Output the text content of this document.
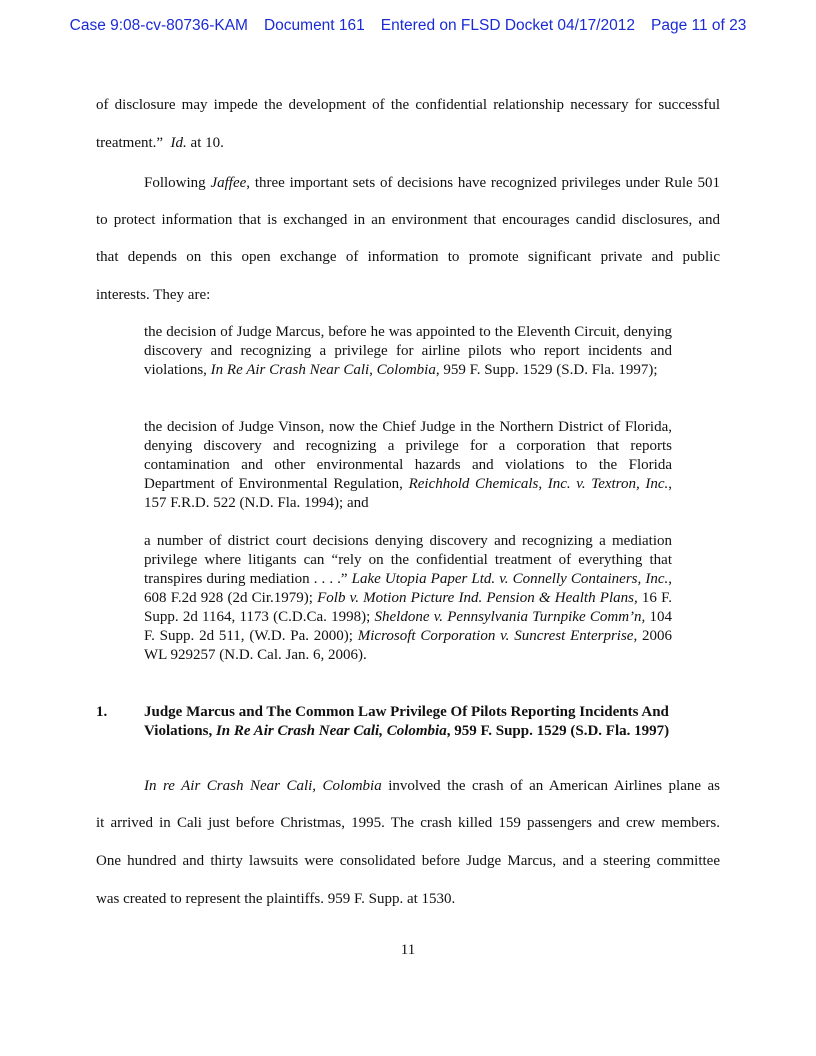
Case 9:08-cv-80736-KAM Document 161 Entered on FLSD Docket 04/17/2012 Page 11 of 23
of disclosure may impede the development of the confidential relationship necessary for successful
treatment.” Id. at 10.
Following Jaffee, three important sets of decisions have recognized privileges under Rule 501
to protect information that is exchanged in an environment that encourages candid disclosures, and
that depends on this open exchange of information to promote significant private and public
interests. They are:
the decision of Judge Marcus, before he was appointed to the Eleventh Circuit, denying discovery and recognizing a privilege for airline pilots who report incidents and violations, In Re Air Crash Near Cali, Colombia, 959 F. Supp. 1529 (S.D. Fla. 1997);
the decision of Judge Vinson, now the Chief Judge in the Northern District of Florida, denying discovery and recognizing a privilege for a corporation that reports contamination and other environmental hazards and violations to the Florida Department of Environmental Regulation, Reichhold Chemicals, Inc. v. Textron, Inc., 157 F.R.D. 522 (N.D. Fla. 1994); and
a number of district court decisions denying discovery and recognizing a mediation privilege where litigants can “rely on the confidential treatment of everything that transpires during mediation . . . .” Lake Utopia Paper Ltd. v. Connelly Containers, Inc., 608 F.2d 928 (2d Cir.1979); Folb v. Motion Picture Ind. Pension & Health Plans, 16 F. Supp. 2d 1164, 1173 (C.D.Ca. 1998); Sheldone v. Pennsylvania Turnpike Comm’n, 104 F. Supp. 2d 511, (W.D. Pa. 2000); Microsoft Corporation v. Suncrest Enterprise, 2006 WL 929257 (N.D. Cal. Jan. 6, 2006).
1. Judge Marcus and The Common Law Privilege Of Pilots Reporting Incidents And Violations, In Re Air Crash Near Cali, Colombia, 959 F. Supp. 1529 (S.D. Fla. 1997)
In re Air Crash Near Cali, Colombia involved the crash of an American Airlines plane as
it arrived in Cali just before Christmas, 1995. The crash killed 159 passengers and crew members.
One hundred and thirty lawsuits were consolidated before Judge Marcus, and a steering committee
was created to represent the plaintiffs. 959 F. Supp. at 1530.
11
